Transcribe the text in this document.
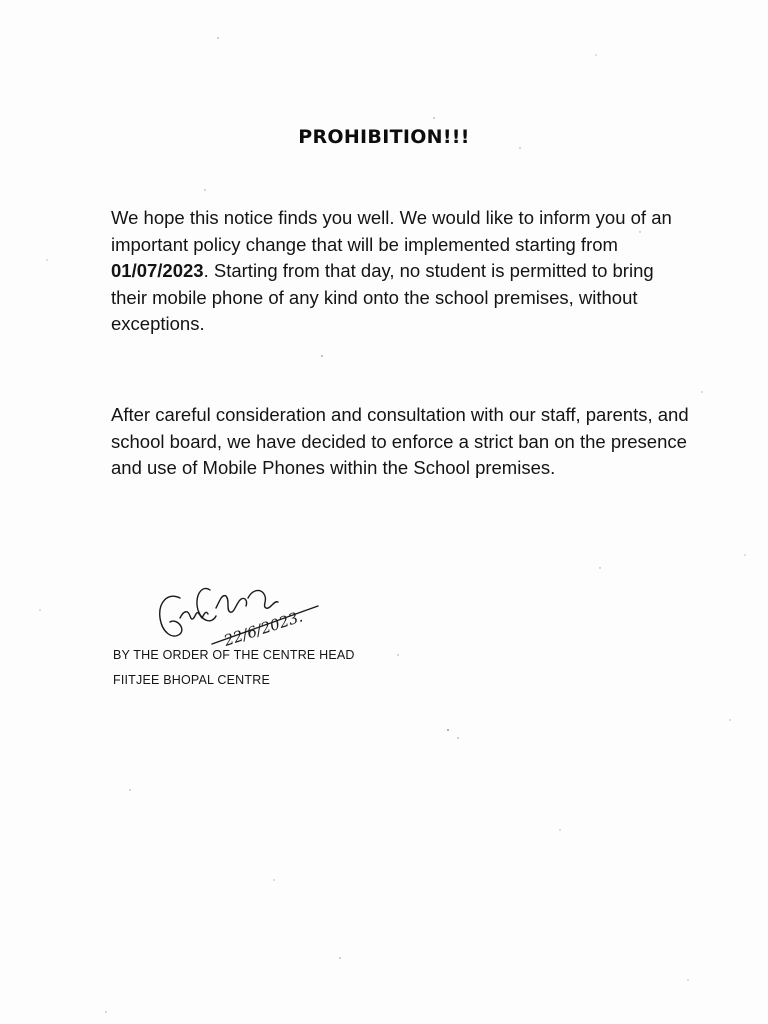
PROHIBITION!!!
We hope this notice finds you well. We would like to inform you of an important policy change that will be implemented starting from 01/07/2023. Starting from that day, no student is permitted to bring their mobile phone of any kind onto the school premises, without exceptions.
After careful consideration and consultation with our staff, parents, and school board, we have decided to enforce a strict ban on the presence and use of Mobile Phones within the School premises.
22/6/2023.
BY THE ORDER OF THE CENTRE HEAD
FIITJEE BHOPAL CENTRE
